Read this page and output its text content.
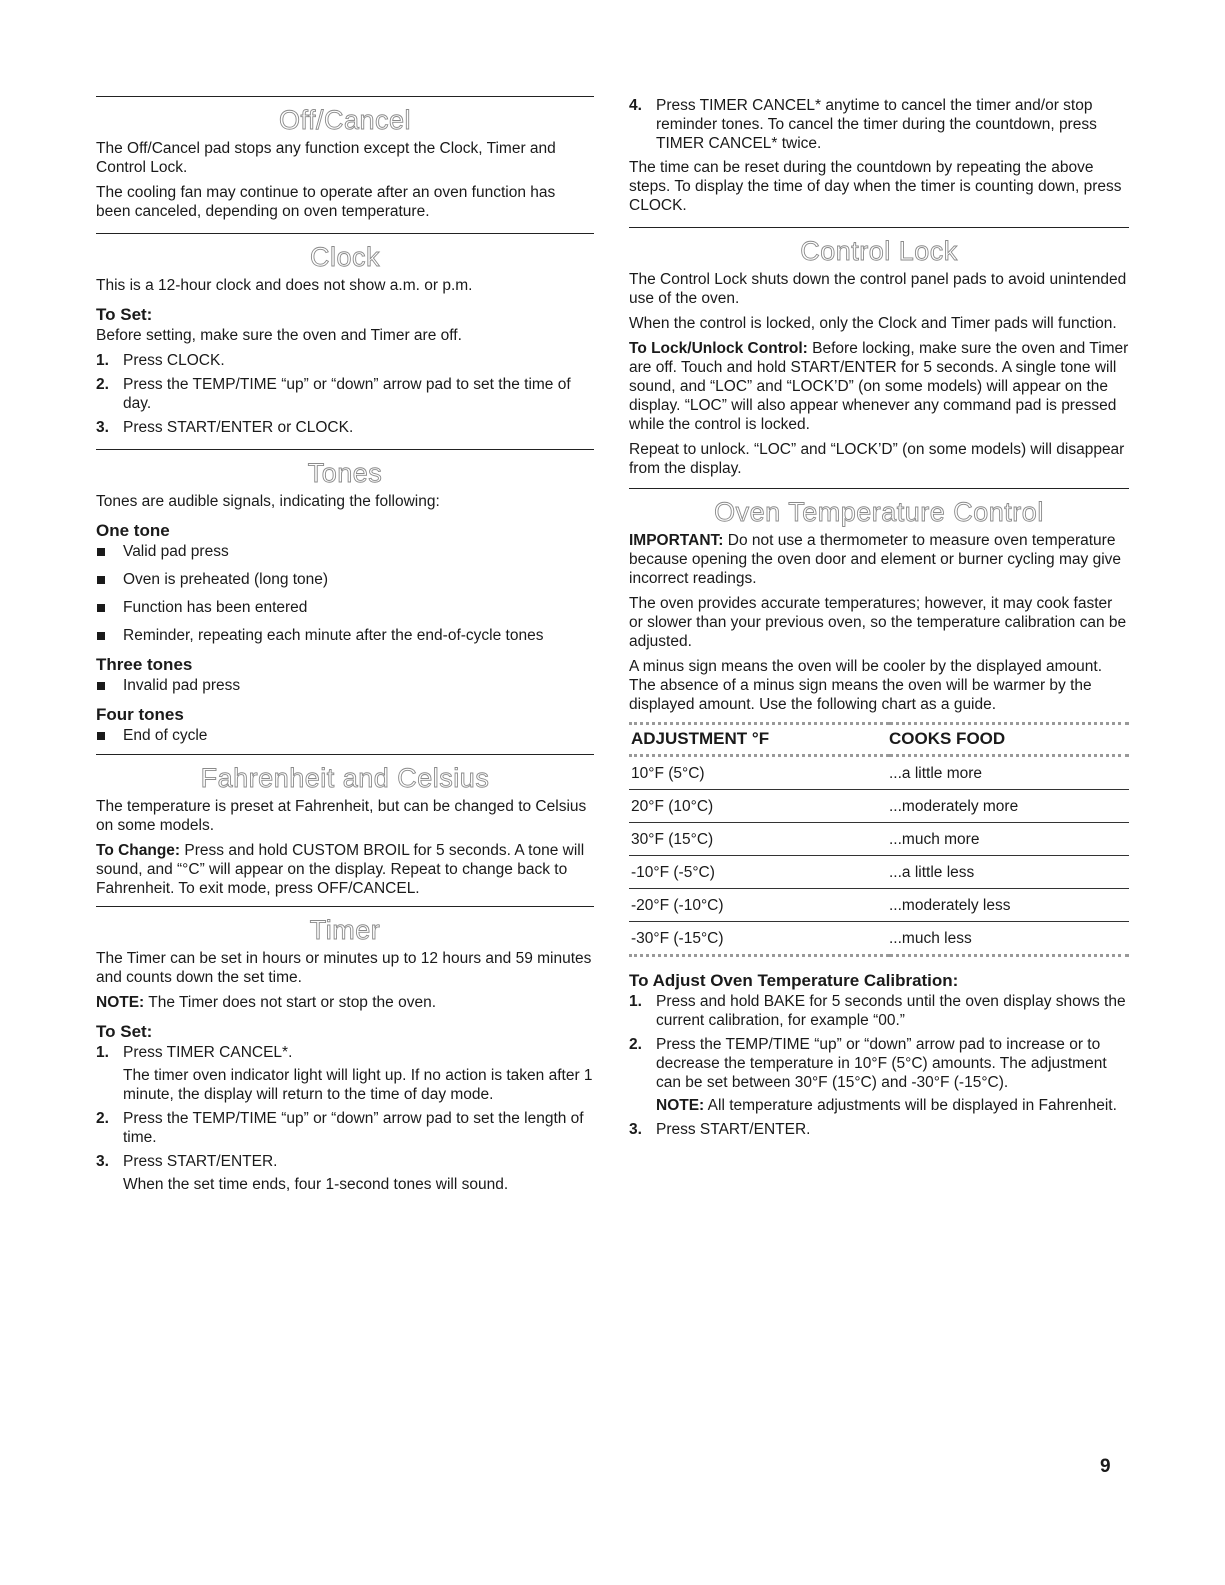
Off/Cancel

The Off/Cancel pad stops any function except the Clock, Timer and Control Lock.

The cooling fan may continue to operate after an oven function has been canceled, depending on oven temperature.

Clock

This is a 12-hour clock and does not show a.m. or p.m.

To Set:

Before setting, make sure the oven and Timer are off.

1. Press CLOCK.
2. Press the TEMP/TIME “up” or “down” arrow pad to set the time of day.
3. Press START/ENTER or CLOCK.
Tones

Tones are audible signals, indicating the following:

One tone
Valid pad press
Oven is preheated (long tone)
Function has been entered
Reminder, repeating each minute after the end-of-cycle tones
Three tones
Invalid pad press
Four tones
End of cycle
Fahrenheit and Celsius

The temperature is preset at Fahrenheit, but can be changed to Celsius on some models.

To Change: Press and hold CUSTOM BROIL for 5 seconds. A tone will sound, and “°C” will appear on the display. Repeat to change back to Fahrenheit. To exit mode, press OFF/CANCEL.

Timer

The Timer can be set in hours or minutes up to 12 hours and 59 minutes and counts down the set time.

NOTE: The Timer does not start or stop the oven.

To Set:
1. Press TIMER CANCEL*.

The timer oven indicator light will light up. If no action is taken after 1 minute, the display will return to the time of day mode.

2. Press the TEMP/TIME “up” or “down” arrow pad to set the length of time.
3. Press START/ENTER.

When the set time ends, four 1-second tones will sound.

4. Press TIMER CANCEL* anytime to cancel the timer and/or stop reminder tones. To cancel the timer during the countdown, press TIMER CANCEL* twice.

The time can be reset during the countdown by repeating the above steps. To display the time of day when the timer is counting down, press CLOCK.

Control Lock

The Control Lock shuts down the control panel pads to avoid unintended use of the oven.

When the control is locked, only the Clock and Timer pads will function.

To Lock/Unlock Control: Before locking, make sure the oven and Timer are off. Touch and hold START/ENTER for 5 seconds. A single tone will sound, and “LOC” and “LOCK’D” (on some models) will appear on the display. “LOC” will also appear whenever any command pad is pressed while the control is locked.

Repeat to unlock. “LOC” and “LOCK’D” (on some models) will disappear from the display.

Oven Temperature Control

IMPORTANT: Do not use a thermometer to measure oven temperature because opening the oven door and element or burner cycling may give incorrect readings.

The oven provides accurate temperatures; however, it may cook faster or slower than your previous oven, so the temperature calibration can be adjusted.

A minus sign means the oven will be cooler by the displayed amount. The absence of a minus sign means the oven will be warmer by the displayed amount. Use the following chart as a guide.

ADJUSTMENT °F	COOKS FOOD
10°F (5°C)	...a little more
20°F (10°C)	...moderately more
30°F (15°C)	...much more
-10°F (-5°C)	...a little less
-20°F (-10°C)	...moderately less
-30°F (-15°C)	...much less
To Adjust Oven Temperature Calibration:
1. Press and hold BAKE for 5 seconds until the oven display shows the current calibration, for example “00.”
2. Press the TEMP/TIME “up” or “down” arrow pad to increase or to decrease the temperature in 10°F (5°C) amounts. The adjustment can be set between 30°F (15°C) and -30°F (-15°C).

NOTE: All temperature adjustments will be displayed in Fahrenheit.

3. Press START/ENTER.
9
